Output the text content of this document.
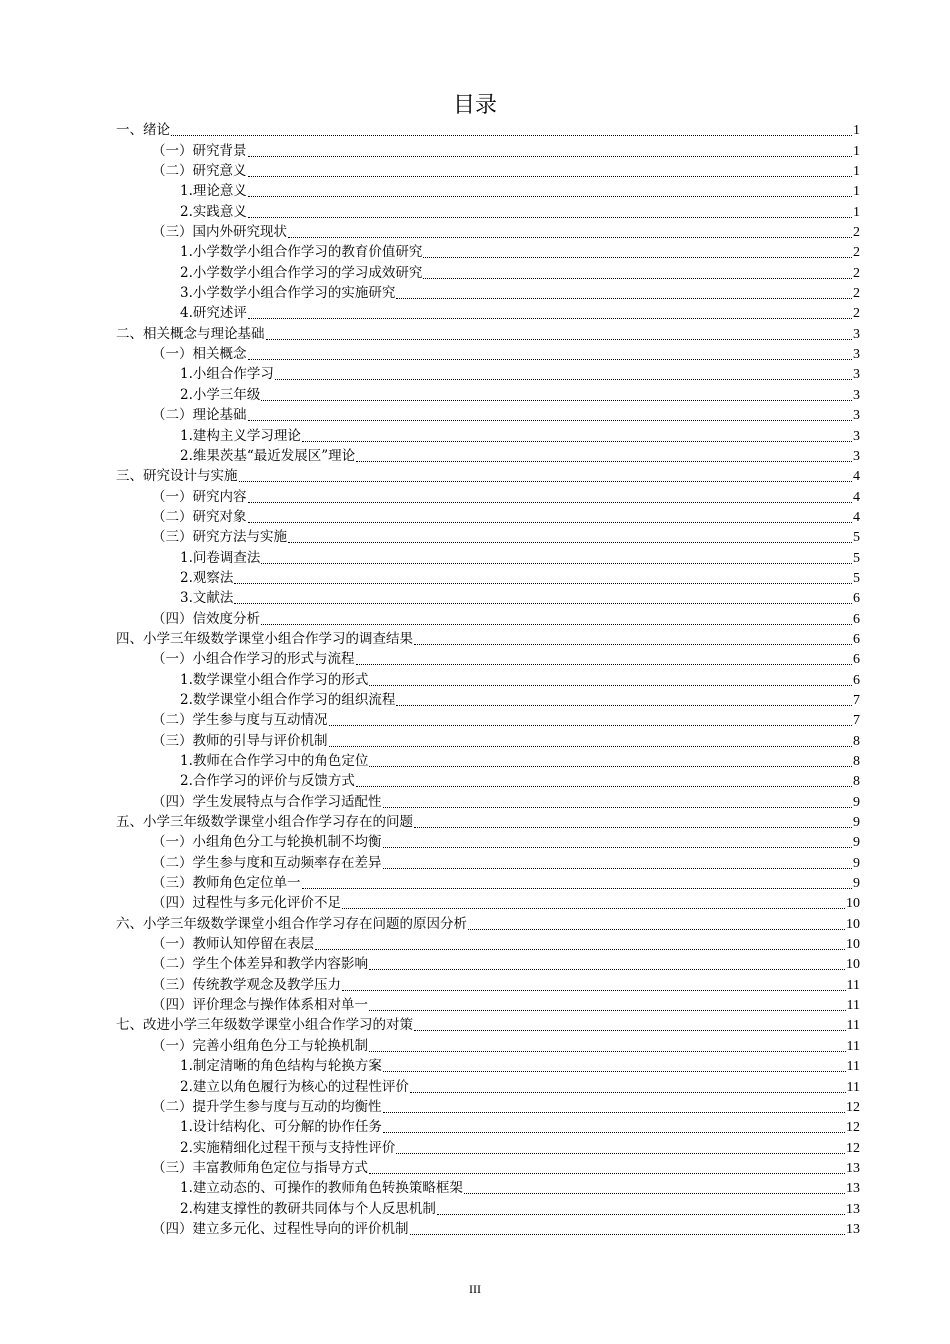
目录
一、绪论	1
（一）研究背景	1
（二）研究意义	1
1.理论意义	1
2.实践意义	1
（三）国内外研究现状	2
1.小学数学小组合作学习的教育价值研究	2
2.小学数学小组合作学习的学习成效研究	2
3.小学数学小组合作学习的实施研究	2
4.研究述评	2
二、相关概念与理论基础	3
（一）相关概念	3
1.小组合作学习	3
2.小学三年级	3
（二）理论基础	3
1.建构主义学习理论	3
2.维果茨基“最近发展区”理论	3
三、研究设计与实施	4
（一）研究内容	4
（二）研究对象	4
（三）研究方法与实施	5
1.问卷调查法	5
2.观察法	5
3.文献法	6
（四）信效度分析	6
四、小学三年级数学课堂小组合作学习的调查结果	6
（一）小组合作学习的形式与流程	6
1.数学课堂小组合作学习的形式	6
2.数学课堂小组合作学习的组织流程	7
（二）学生参与度与互动情况	7
（三）教师的引导与评价机制	8
1.教师在合作学习中的角色定位	8
2.合作学习的评价与反馈方式	8
（四）学生发展特点与合作学习适配性	9
五、小学三年级数学课堂小组合作学习存在的问题	9
（一）小组角色分工与轮换机制不均衡	9
（二）学生参与度和互动频率存在差异	9
（三）教师角色定位单一	9
（四）过程性与多元化评价不足	10
六、小学三年级数学课堂小组合作学习存在问题的原因分析	10
（一）教师认知停留在表层	10
（二）学生个体差异和教学内容影响	10
（三）传统教学观念及教学压力	11
（四）评价理念与操作体系相对单一	11
七、改进小学三年级数学课堂小组合作学习的对策	11
（一）完善小组角色分工与轮换机制	11
1.制定清晰的角色结构与轮换方案	11
2.建立以角色履行为核心的过程性评价	11
（二）提升学生参与度与互动的均衡性	12
1.设计结构化、可分解的协作任务	12
2.实施精细化过程干预与支持性评价	12
（三）丰富教师角色定位与指导方式	13
1.建立动态的、可操作的教师角色转换策略框架	13
2.构建支撑性的教研共同体与个人反思机制	13
（四）建立多元化、过程性导向的评价机制	13
III
